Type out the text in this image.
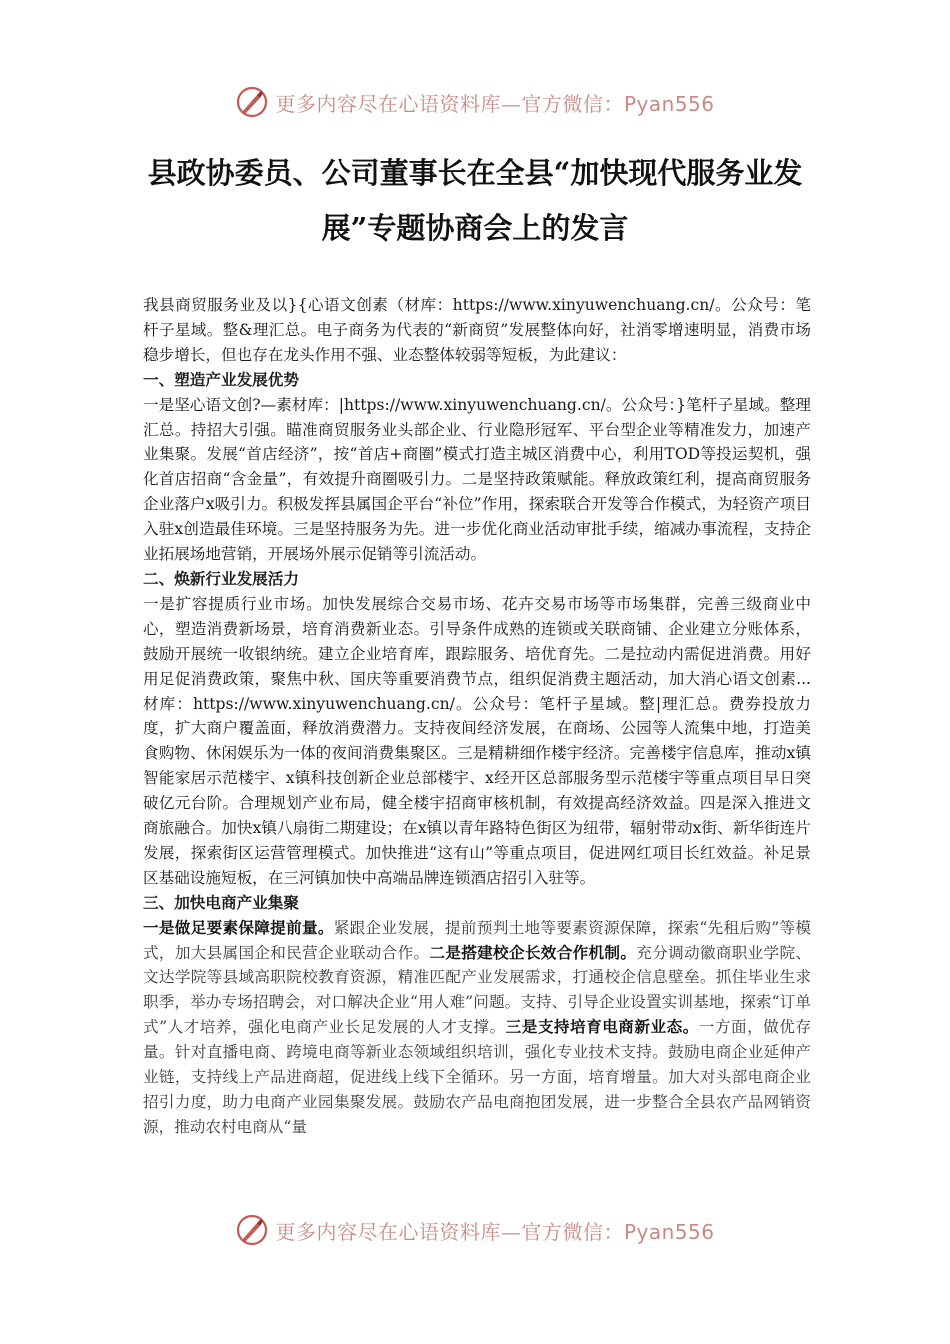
更多内容尽在心语资料库—官方微信：Pyan556
县政协委员、公司董事长在全县“加快现代服务业发
展”专题协商会上的发言

我县商贸服务业及以}{心语文创素（材库：https://www.xinyuwenchuang.cn/。公众号：笔杆子星域。整&理汇总。电子商务为代表的“新商贸”发展整体向好，社消零增速明显，消费市场稳步增长，但也存在龙头作用不强、业态整体较弱等短板，为此建议：

一、塑造产业发展优势

一是坚心语文创?—素材库：|https://www.xinyuwenchuang.cn/。公众号：}笔杆子星域。整理汇总。持招大引强。瞄准商贸服务业头部企业、行业隐形冠军、平台型企业等精准发力，加速产业集聚。发展“首店经济”，按“首店+商圈”模式打造主城区消费中心，利用TOD等投运契机，强化首店招商“含金量”，有效提升商圈吸引力。二是坚持政策赋能。释放政策红利，提高商贸服务企业落户x吸引力。积极发挥县属国企平台“补位”作用，探索联合开发等合作模式，为轻资产项目入驻x创造最佳环境。三是坚持服务为先。进一步优化商业活动审批手续，缩减办事流程，支持企业拓展场地营销，开展场外展示促销等引流活动。

二、焕新行业发展活力

一是扩容提质行业市场。加快发展综合交易市场、花卉交易市场等市场集群，完善三级商业中心，塑造消费新场景，培育消费新业态。引导条件成熟的连锁或关联商铺、企业建立分账体系，鼓励开展统一收银纳统。建立企业培育库，跟踪服务、培优育先。二是拉动内需促进消费。用好用足促消费政策，聚焦中秋、国庆等重要消费节点，组织促消费主题活动，加大消心语文创素...材库：https://www.xinyuwenchuang.cn/。公众号：笔杆子星域。整|理汇总。费券投放力度，扩大商户覆盖面，释放消费潜力。支持夜间经济发展，在商场、公园等人流集中地，打造美食购物、休闲娱乐为一体的夜间消费集聚区。三是精耕细作楼宇经济。完善楼宇信息库，推动x镇智能家居示范楼宇、x镇科技创新企业总部楼宇、x经开区总部服务型示范楼宇等重点项目早日突破亿元台阶。合理规划产业布局，健全楼宇招商审核机制，有效提高经济效益。四是深入推进文商旅融合。加快x镇八扇街二期建设；在x镇以青年路特色街区为纽带，辐射带动x街、新华街连片发展，探索街区运营管理模式。加快推进“这有山”等重点项目，促进网红项目长红效益。补足景区基础设施短板，在三河镇加快中高端品牌连锁酒店招引入驻等。

三、加快电商产业集聚

一是做足要素保障提前量。紧跟企业发展，提前预判土地等要素资源保障，探索“先租后购”等模式，加大县属国企和民营企业联动合作。二是搭建校企长效合作机制。充分调动徽商职业学院、文达学院等县域高职院校教育资源，精准匹配产业发展需求，打通校企信息壁垒。抓住毕业生求职季，举办专场招聘会，对口解决企业“用人难”问题。支持、引导企业设置实训基地，探索“订单式”人才培养，强化电商产业长足发展的人才支撑。三是支持培育电商新业态。一方面，做优存量。针对直播电商、跨境电商等新业态领域组织培训，强化专业技术支持。鼓励电商企业延伸产业链，支持线上产品进商超，促进线上线下全循环。另一方面，培育增量。加大对头部电商企业招引力度，助力电商产业园集聚发展。鼓励农产品电商抱团发展，进一步整合全县农产品网销资源，推动农村电商从“量

更多内容尽在心语资料库—官方微信：Pyan556
